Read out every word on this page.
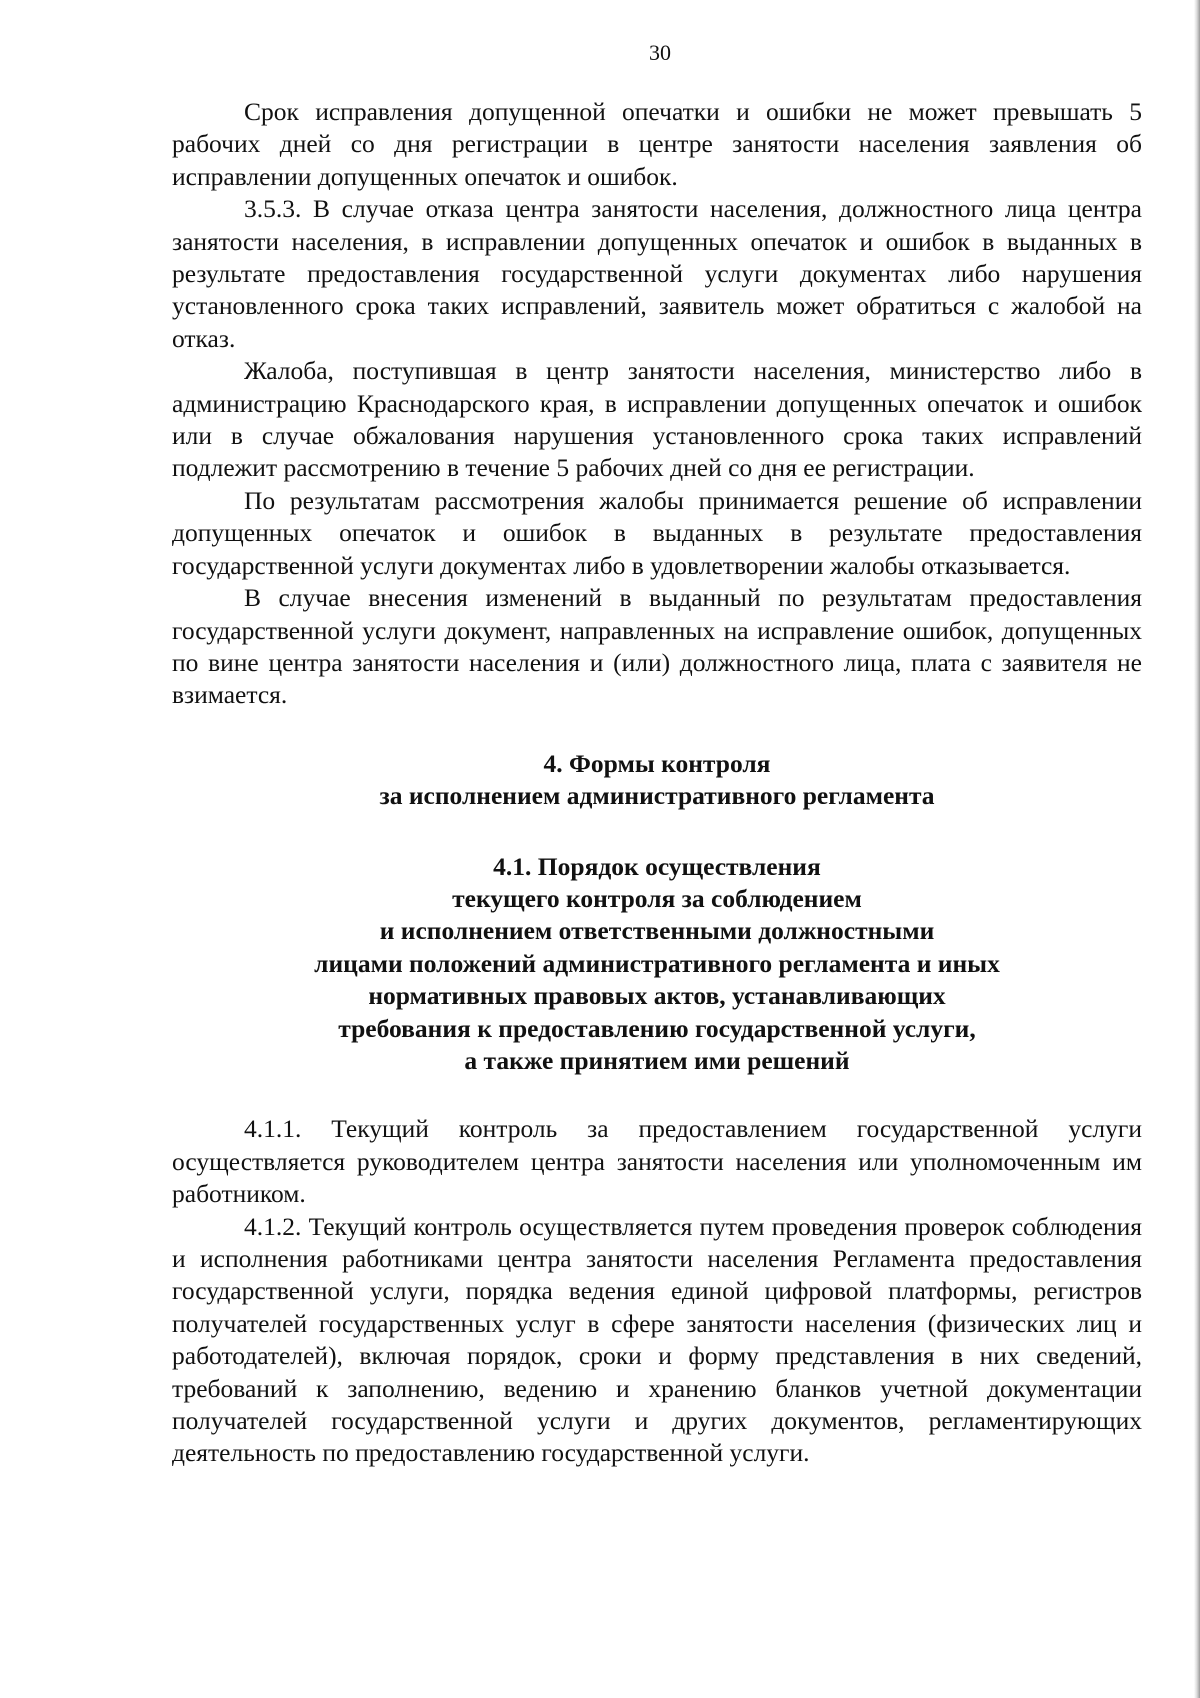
30

Срок исправления допущенной опечатки и ошибки не может превышать 5 рабочих дней со дня регистрации в центре занятости населения заявления об исправлении допущенных опечаток и ошибок.

3.5.3. В случае отказа центра занятости населения, должностного лица центра занятости населения, в исправлении допущенных опечаток и ошибок в выданных в результате предоставления государственной услуги документах либо нарушения установленного срока таких исправлений, заявитель может обратиться с жалобой на отказ.

Жалоба, поступившая в центр занятости населения, министерство либо в администрацию Краснодарского края, в исправлении допущенных опечаток и ошибок или в случае обжалования нарушения установленного срока таких исправлений подлежит рассмотрению в течение 5 рабочих дней со дня ее регистрации.

По результатам рассмотрения жалобы принимается решение об исправлении допущенных опечаток и ошибок в выданных в результате предоставления государственной услуги документах либо в удовлетворении жалобы отказывается.

В случае внесения изменений в выданный по результатам предоставления государственной услуги документ, направленных на исправление ошибок, допущенных по вине центра занятости населения и (или) должностного лица, плата с заявителя не взимается.

4. Формы контроля
за исполнением административного регламента
4.1. Порядок осуществления
текущего контроля за соблюдением
и исполнением ответственными должностными
лицами положений административного регламента и иных
нормативных правовых актов, устанавливающих
требования к предоставлению государственной услуги,
а также принятием ими решений

4.1.1. Текущий контроль за предоставлением государственной услуги осуществляется руководителем центра занятости населения или уполномоченным им работником.

4.1.2. Текущий контроль осуществляется путем проведения проверок соблюдения и исполнения работниками центра занятости населения Регламента предоставления государственной услуги, порядка ведения единой цифровой платформы, регистров получателей государственных услуг в сфере занятости населения (физических лиц и работодателей), включая порядок, сроки и форму представления в них сведений, требований к заполнению, ведению и хранению бланков учетной документации получателей государственной услуги и других документов, регламентирующих деятельность по предоставлению государственной услуги.
